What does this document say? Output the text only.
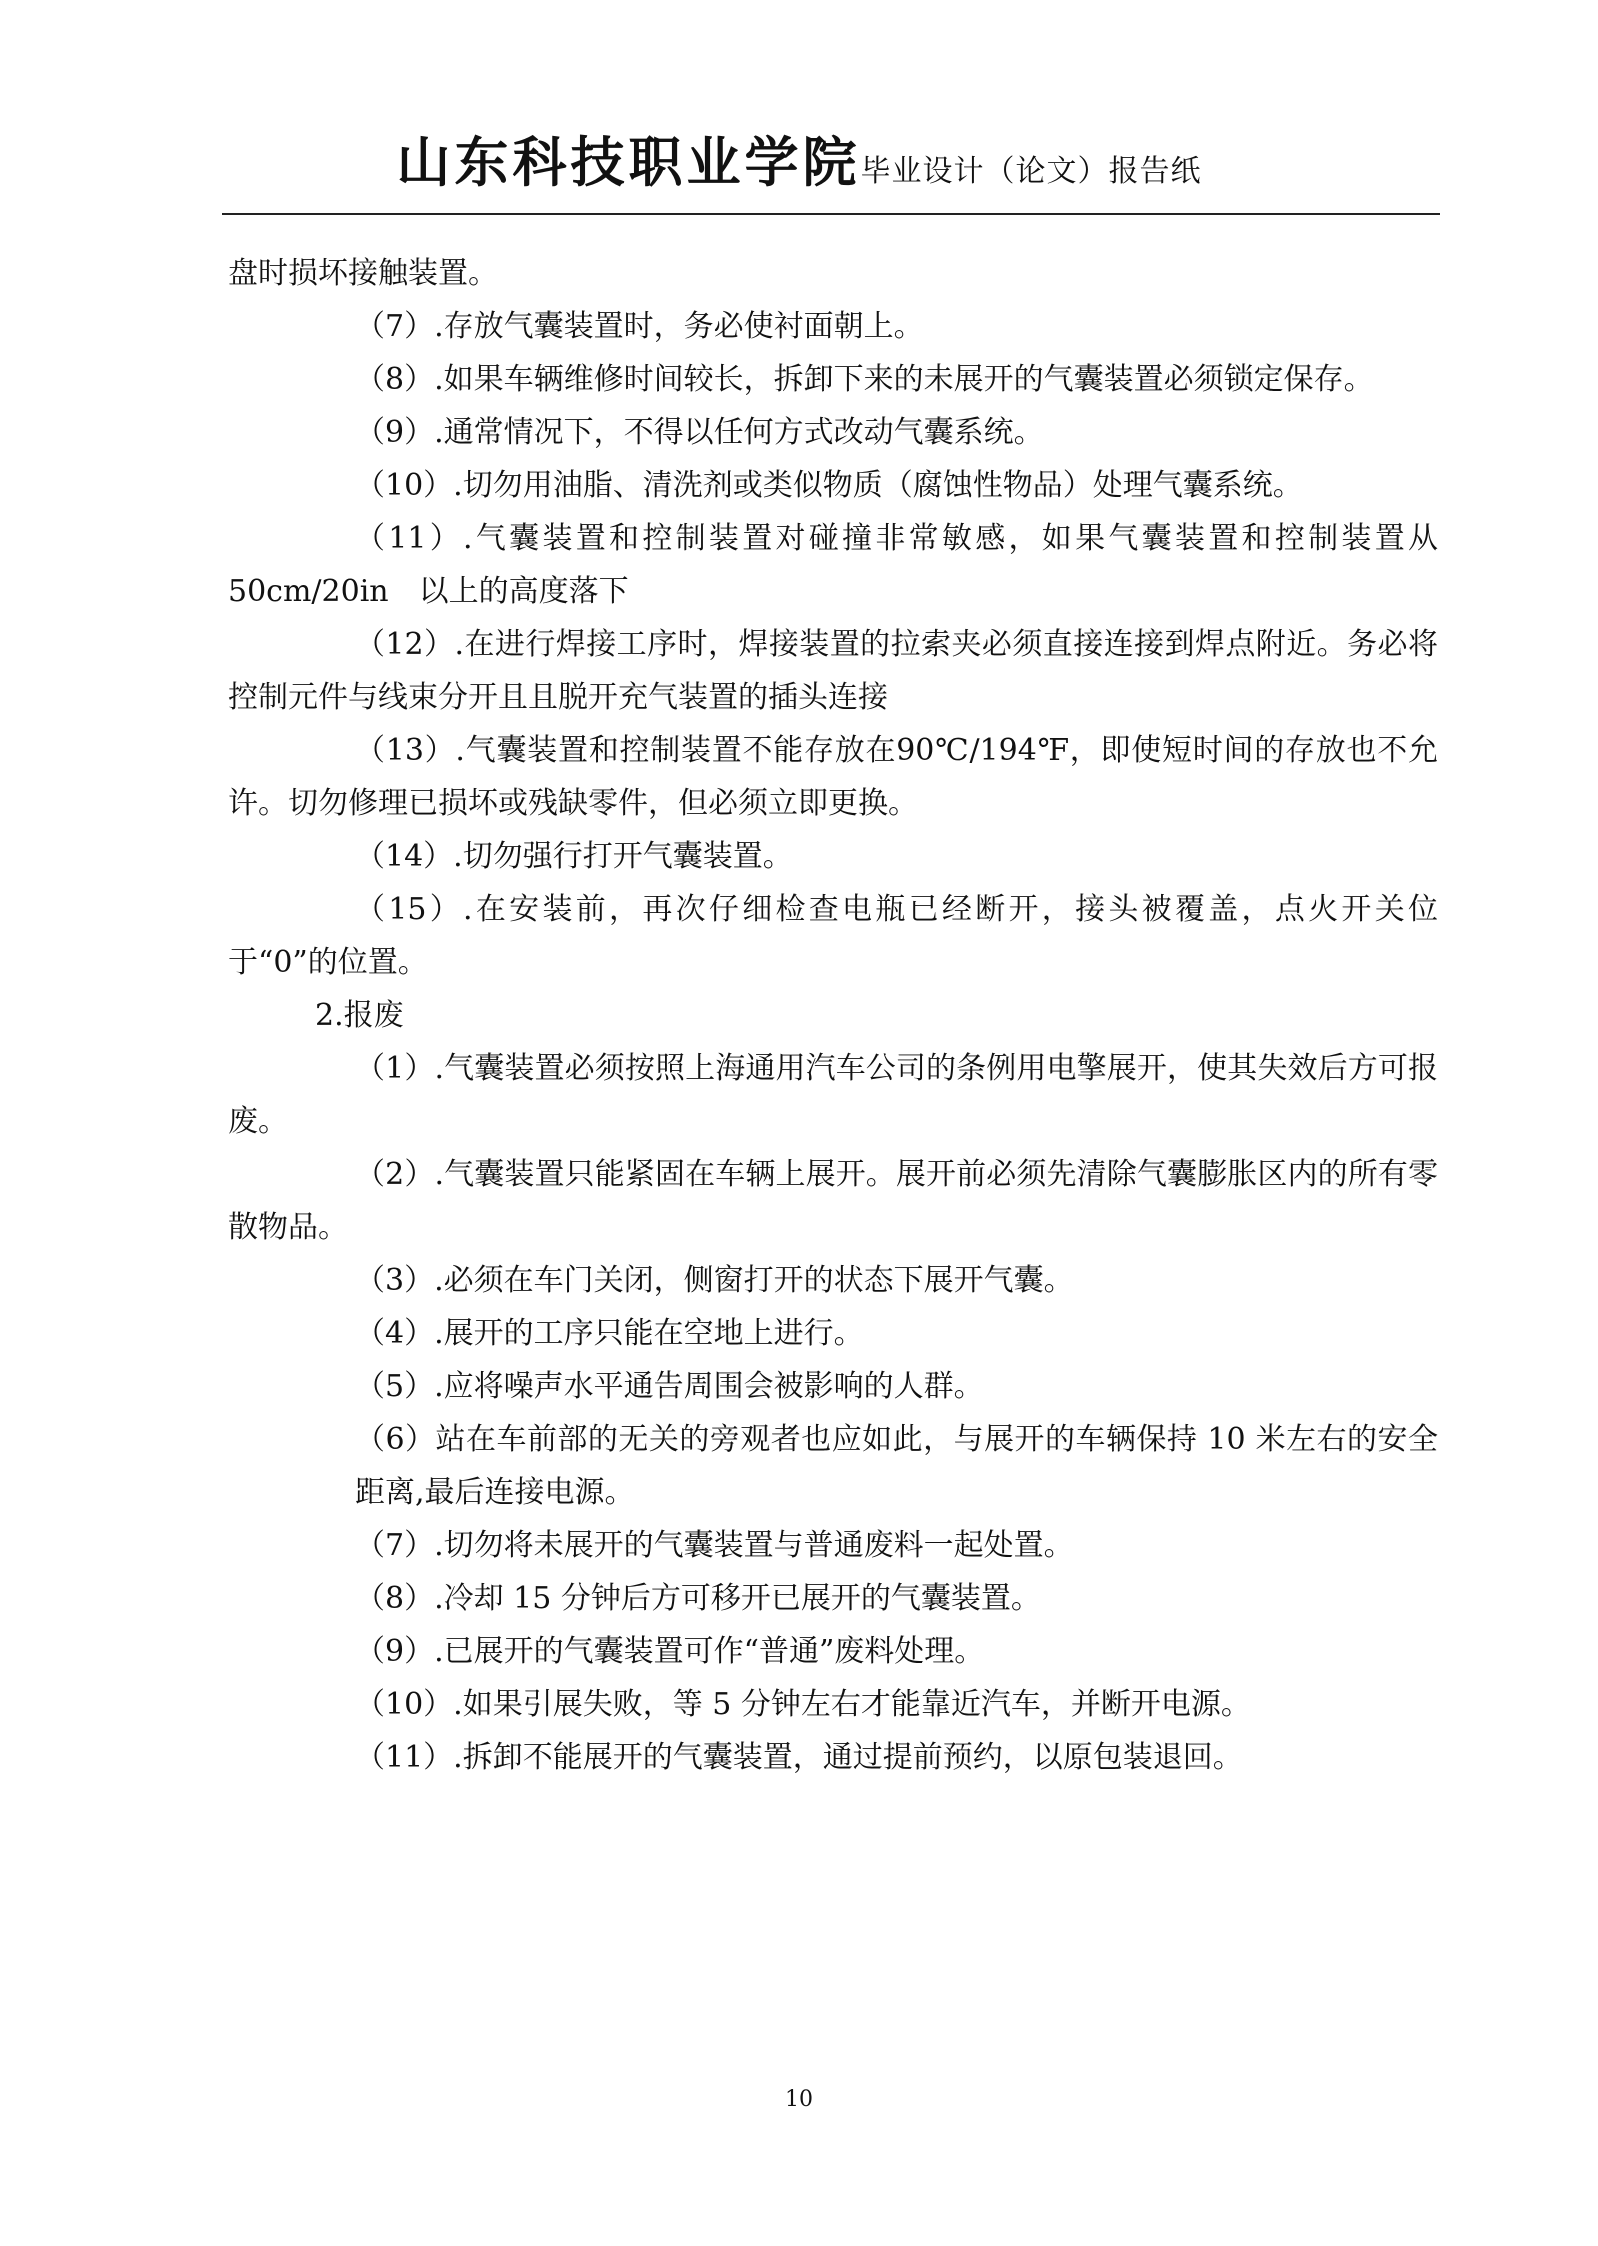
山东科技职业学院毕业设计（论文）报告纸

盘时损坏接触装置。

（7）.存放气囊装置时，务必使衬面朝上。

（8）.如果车辆维修时间较长，拆卸下来的未展开的气囊装置必须锁定保存。

（9）.通常情况下，不得以任何方式改动气囊系统。

（10）.切勿用油脂、清洗剂或类似物质（腐蚀性物品）处理气囊系统。

（11）.气囊装置和控制装置对碰撞非常敏感，如果气囊装置和控制装置从50cm/20in　以上的高度落下

（12）.在进行焊接工序时，焊接装置的拉索夹必须直接连接到焊点附近。务必将控制元件与线束分开且且脱开充气装置的插头连接

（13）.气囊装置和控制装置不能存放在90℃/194℉，即使短时间的存放也不允许。切勿修理已损坏或残缺零件，但必须立即更换。

（14）.切勿强行打开气囊装置。

（15）.在安装前，再次仔细检查电瓶已经断开，接头被覆盖，点火开关位于“0”的位置。

2.报废

（1）.气囊装置必须按照上海通用汽车公司的条例用电擎展开，使其失效后方可报废。

（2）.气囊装置只能紧固在车辆上展开。展开前必须先清除气囊膨胀区内的所有零散物品。

（3）.必须在车门关闭，侧窗打开的状态下展开气囊。

（4）.展开的工序只能在空地上进行。

（5）.应将噪声水平通告周围会被影响的人群。

（6）站在车前部的无关的旁观者也应如此，与展开的车辆保持 10 米左右的安全距离,最后连接电源。

（7）.切勿将未展开的气囊装置与普通废料一起处置。

（8）.冷却 15 分钟后方可移开已展开的气囊装置。

（9）.已展开的气囊装置可作“普通”废料处理。

（10）.如果引展失败，等 5 分钟左右才能靠近汽车，并断开电源。

（11）.拆卸不能展开的气囊装置，通过提前预约，以原包装退回。

10
